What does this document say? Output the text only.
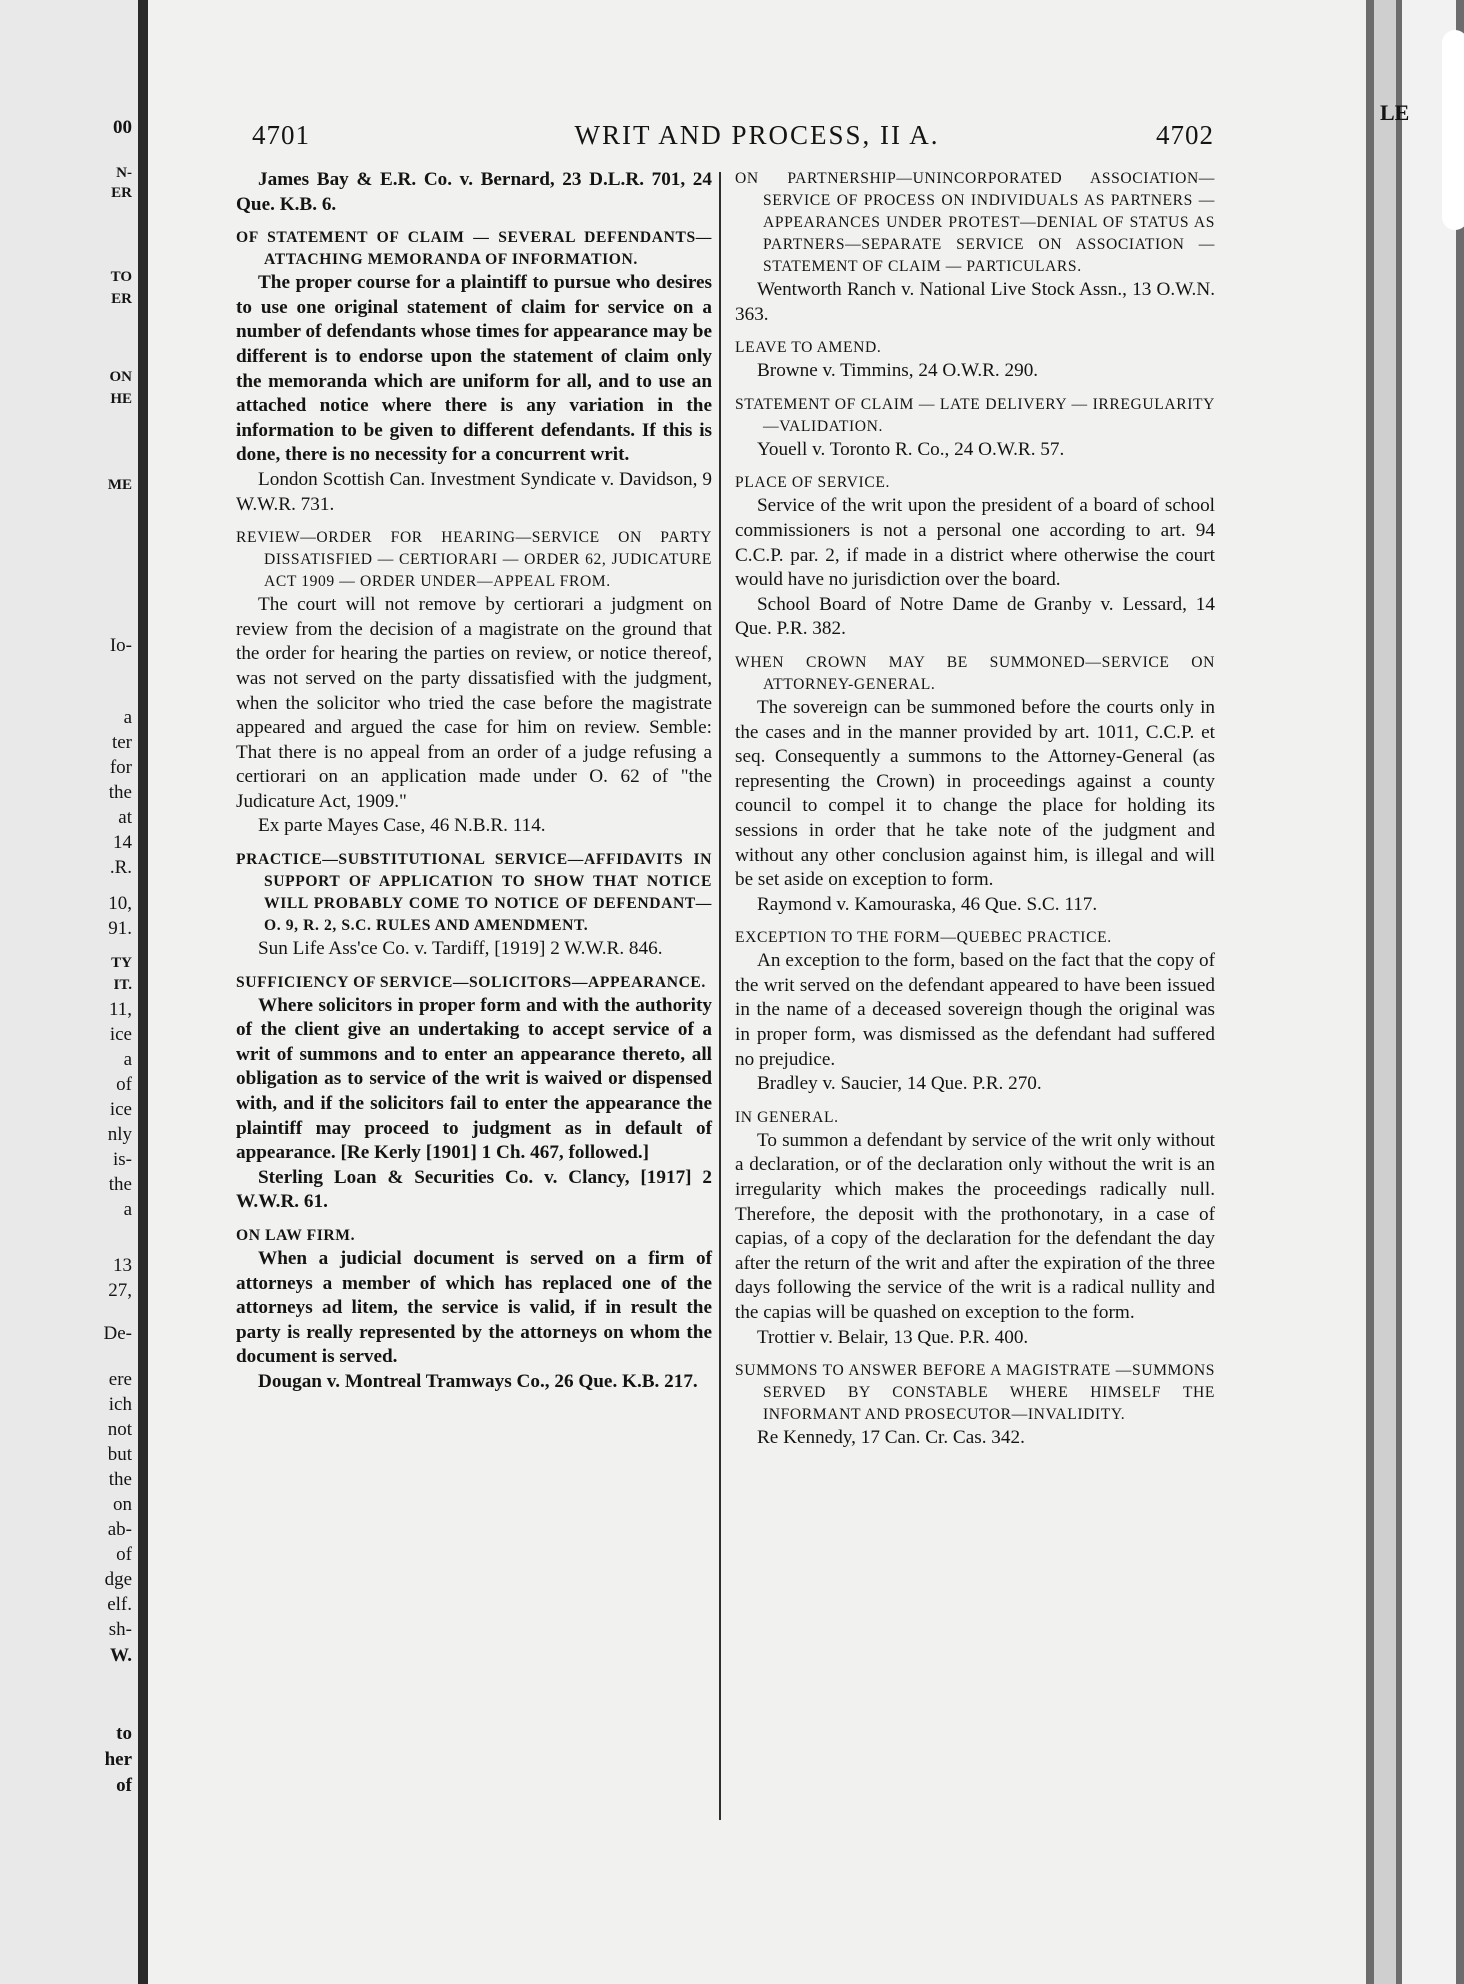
00
N-
ER
TO
ER
ON
HE
ME
Io-
a
ter
for
the
at
14
.R.
10,
91.
TY
IT.
11,
ice
a
of
ice
nly
is-
the
a
13
27,
De-
ere
ich
not
but
the
on
ab-
of
dge
elf.
sh-
W.
to
her
of
4701	WRIT AND PROCESS, II A.	4702

James Bay & E.R. Co. v. Bernard, 23 D.L.R. 701, 24 Que. K.B. 6.

OF STATEMENT OF CLAIM — SEVERAL DEFENDANTS—ATTACHING MEMORANDA OF INFORMATION.

The proper course for a plaintiff to pursue who desires to use one original statement of claim for service on a number of defendants whose times for appearance may be different is to endorse upon the statement of claim only the memoranda which are uniform for all, and to use an attached notice where there is any variation in the information to be given to different defendants. If this is done, there is no necessity for a concurrent writ.

London Scottish Can. Investment Syndicate v. Davidson, 9 W.W.R. 731.

REVIEW—ORDER FOR HEARING—SERVICE ON PARTY DISSATISFIED — CERTIORARI — ORDER 62, JUDICATURE ACT 1909 — ORDER UNDER—APPEAL FROM.

The court will not remove by certiorari a judgment on review from the decision of a magistrate on the ground that the order for hearing the parties on review, or notice thereof, was not served on the party dissatisfied with the judgment, when the solicitor who tried the case before the magistrate appeared and argued the case for him on review. Semble: That there is no appeal from an order of a judge refusing a certiorari on an application made under O. 62 of "the Judicature Act, 1909."

Ex parte Mayes Case, 46 N.B.R. 114.

PRACTICE—SUBSTITUTIONAL SERVICE—AFFIDAVITS IN SUPPORT OF APPLICATION TO SHOW THAT NOTICE WILL PROBABLY COME TO NOTICE OF DEFENDANT—O. 9, R. 2, S.C. RULES AND AMENDMENT.

Sun Life Ass'ce Co. v. Tardiff, [1919] 2 W.W.R. 846.

SUFFICIENCY OF SERVICE—SOLICITORS—APPEARANCE.

Where solicitors in proper form and with the authority of the client give an undertaking to accept service of a writ of summons and to enter an appearance thereto, all obligation as to service of the writ is waived or dispensed with, and if the solicitors fail to enter the appearance the plaintiff may proceed to judgment as in default of appearance. [Re Kerly [1901] 1 Ch. 467, followed.]

Sterling Loan & Securities Co. v. Clancy, [1917] 2 W.W.R. 61.

ON LAW FIRM.

When a judicial document is served on a firm of attorneys a member of which has replaced one of the attorneys ad litem, the service is valid, if in result the party is really represented by the attorneys on whom the document is served.

Dougan v. Montreal Tramways Co., 26 Que. K.B. 217.

ON PARTNERSHIP—UNINCORPORATED ASSOCIATION—SERVICE OF PROCESS ON INDIVIDUALS AS PARTNERS — APPEARANCES UNDER PROTEST—DENIAL OF STATUS AS PARTNERS—SEPARATE SERVICE ON ASSOCIATION — STATEMENT OF CLAIM — PARTICULARS.

Wentworth Ranch v. National Live Stock Assn., 13 O.W.N. 363.

LEAVE TO AMEND.

Browne v. Timmins, 24 O.W.R. 290.

STATEMENT OF CLAIM — LATE DELIVERY — IRREGULARITY—VALIDATION.

Youell v. Toronto R. Co., 24 O.W.R. 57.

PLACE OF SERVICE.

Service of the writ upon the president of a board of school commissioners is not a personal one according to art. 94 C.C.P. par. 2, if made in a district where otherwise the court would have no jurisdiction over the board.

School Board of Notre Dame de Granby v. Lessard, 14 Que. P.R. 382.

WHEN CROWN MAY BE SUMMONED—SERVICE ON ATTORNEY-GENERAL.

The sovereign can be summoned before the courts only in the cases and in the manner provided by art. 1011, C.C.P. et seq. Consequently a summons to the Attorney-General (as representing the Crown) in proceedings against a county council to compel it to change the place for holding its sessions in order that he take note of the judgment and without any other conclusion against him, is illegal and will be set aside on exception to form.

Raymond v. Kamouraska, 46 Que. S.C. 117.

EXCEPTION TO THE FORM—QUEBEC PRACTICE.

An exception to the form, based on the fact that the copy of the writ served on the defendant appeared to have been issued in the name of a deceased sovereign though the original was in proper form, was dismissed as the defendant had suffered no prejudice.

Bradley v. Saucier, 14 Que. P.R. 270.

IN GENERAL.

To summon a defendant by service of the writ only without a declaration, or of the declaration only without the writ is an irregularity which makes the proceedings radically null. Therefore, the deposit with the prothonotary, in a case of capias, of a copy of the declaration for the defendant the day after the return of the writ and after the expiration of the three days following the service of the writ is a radical nullity and the capias will be quashed on exception to the form.

Trottier v. Belair, 13 Que. P.R. 400.

SUMMONS TO ANSWER BEFORE A MAGISTRATE —SUMMONS SERVED BY CONSTABLE WHERE HIMSELF THE INFORMANT AND PROSECUTOR—INVALIDITY.

Re Kennedy, 17 Can. Cr. Cas. 342.

LE
